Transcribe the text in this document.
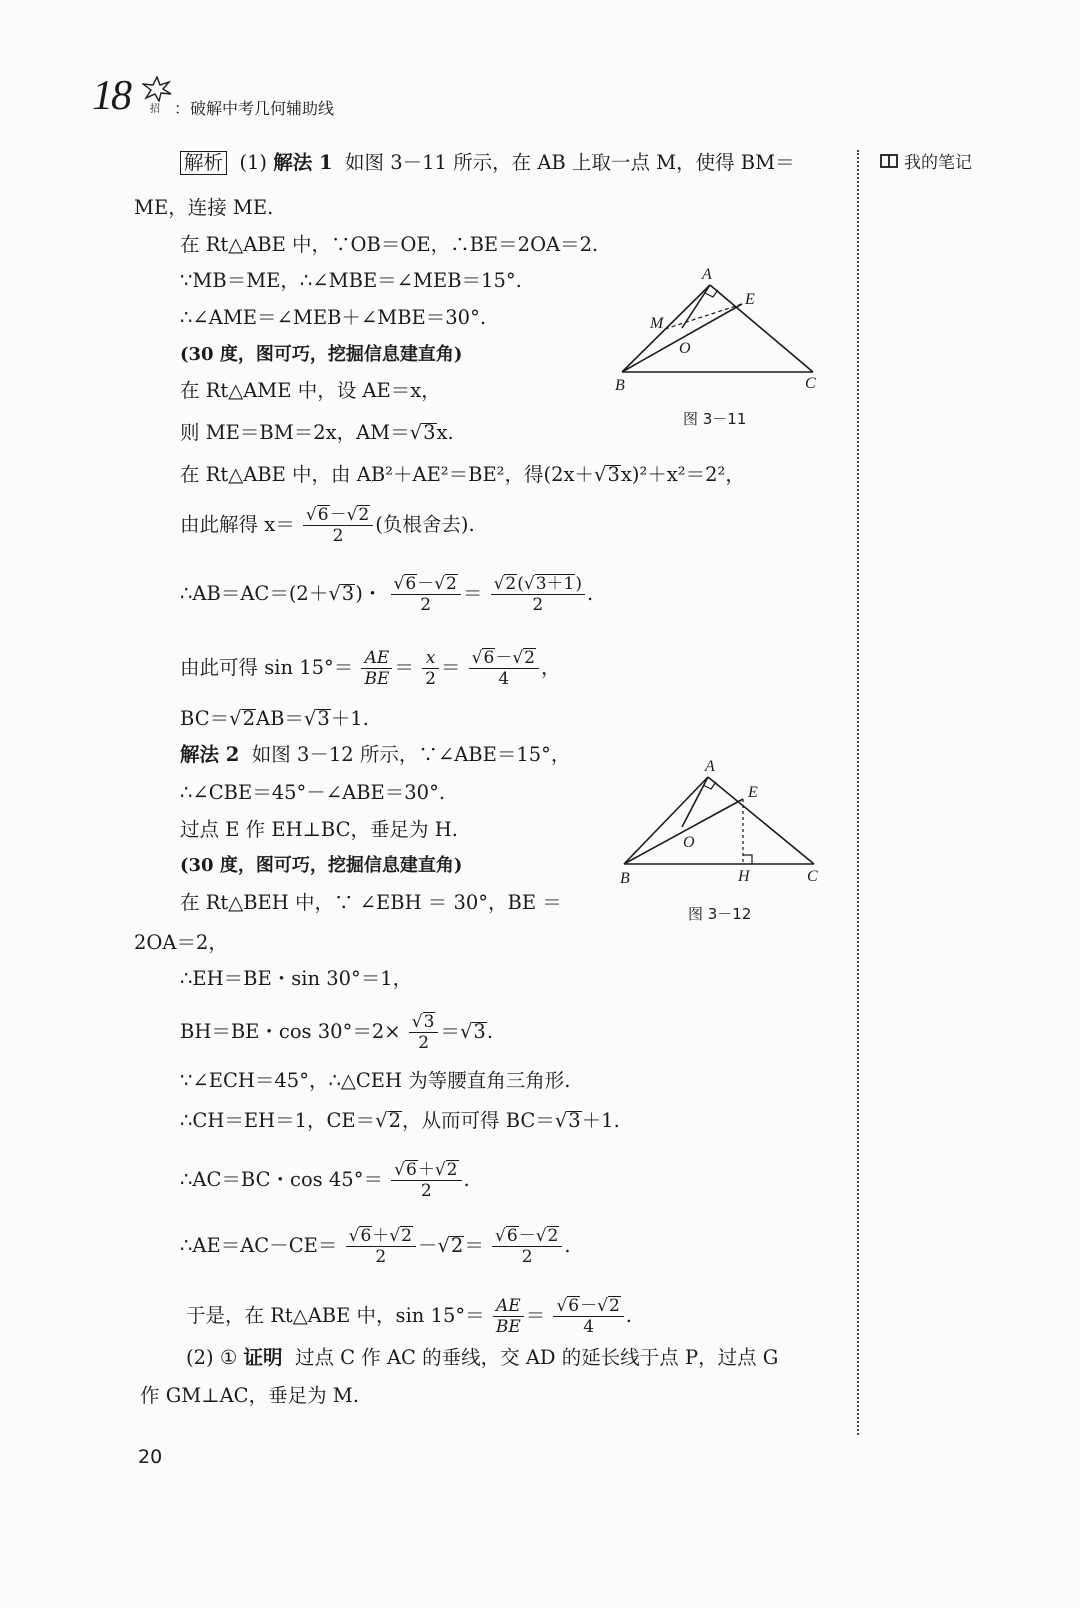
18 招 ：破解中考几何辅助线
我的笔记
解析 (1) 解法 1 如图 3－11 所示，在 AB 上取一点 M，使得 BM＝
ME，连接 ME.
在 Rt△ABE 中，∵OB＝OE，∴BE＝2OA＝2.
∵MB＝ME，∴∠MBE＝∠MEB＝15°.
∴∠AME＝∠MEB＋∠MBE＝30°.
(30 度，图可巧，挖掘信息建直角)
在 Rt△AME 中，设 AE＝x，
则 ME＝BM＝2x，AM＝√3x.
在 Rt△ABE 中，由 AB²＋AE²＝BE²，得(2x＋√3x)²＋x²＝2²，
由此解得 $x= \frac{√6-√2}{2}$ (负根舍去).
∴AB＝AC＝(2＋√3)・ $\frac{√6-√2}{2} = \frac{√2(√3+1)}{2}$ .
由此可得 $\sin 15^\circ= \frac{AE}{BE} = \frac{x}{2} = \frac{√6-√2}{4}$ ，
BC＝√2AB＝√3＋1.
解法 2 如图 3－12 所示，∵∠ABE＝15°，
∴∠CBE＝45°－∠ABE＝30°.
过点 E 作 EH⊥BC，垂足为 H.
(30 度，图可巧，挖掘信息建直角)
在 Rt△BEH 中，∵ ∠EBH ＝ 30°，BE ＝
2OA＝2，
∴EH＝BE・sin 30°＝1，
BH＝BE・$\cos 30^\circ=2\times \frac{√3}{2} =√3$.
∵∠ECH＝45°，∴△CEH 为等腰直角三角形.
∴CH＝EH＝1，CE＝√2，从而可得 BC＝√3＋1.
∴AC＝BC・$\cos 45^\circ= \frac{√6+√2}{2}$ .
∴AE＝AC－CE＝ $\frac{√6+√2}{2} -√2= \frac{√6-√2}{2}$ .
于是，在 Rt△ABE 中，$\sin 15^\circ= \frac{AE}{BE} = \frac{√6-√2}{4}$ .
(2) ① 证明 过点 C 作 AC 的垂线，交 AD 的延长线于点 P，过点 G
作 GM⊥AC，垂足为 M.
A
E
M
O
B	C
图 3－11
A
E
O
B	H	C
图 3－12
20
